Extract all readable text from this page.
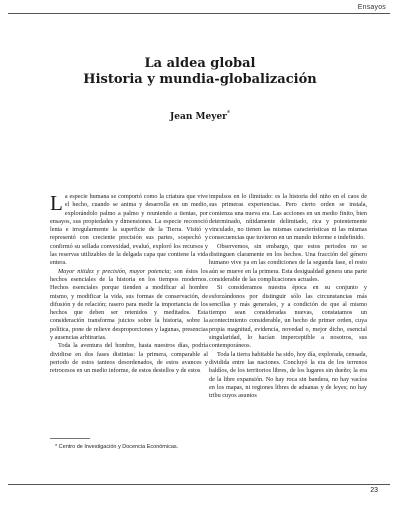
Ensayos

La aldea global

Historia y mundia-globalización

Jean Meyer*

La especie humana se comportó como la criatura que vive el hecho, cuando se anima y desarrolla en un medio, explorándolo palmo a palmo y reuniendo a tientas, por ensayos, sus propiedades y dimensiones. La especie reconoció lenta e irregularmente la superficie de la Tierra. Visitó y representó con creciente precisión sus partes, sospechó y confirmó su sellada convexidad, evaluó, exploró los recursos y las reservas utilizables de la delgada capa que contiene la vida entera.

Mayor nitidez y precisión, mayor potencia; son éstos los hechos esenciales de la historia en los tiempos modernos. Hechos esenciales porque tienden a modificar al hombre mismo, y modificar la vida, sus formas de conservación, de difusión y de relación; rasero para medir la importancia de los hechos que deben ser retenidos y meditados. Esta consideración transforma juicios sobre la historia, sobre la política, pone de relieve desproporciones y lagunas, presencias y ausencias arbitrarias.

Toda la aventura del hombre, hasta nuestros días, podría dividirse en dos fases distintas: la primera, comparable al periodo de estos tanteos desordenados, de estos avances y retrocesos en un medio informe, de estos destellos y de estos

impulsos en lo ilimitado: es la historia del niño en el caos de sus primeras experiencias. Pero cierto orden se instala, comienza una nueva era. Las acciones en un medio finito, bien determinado, nítidamente delimitado, rica y potentemente vinculado, no tienen las mismas características ni las mismas consecuencias que tuvieron en un mundo informe e indefinido.

Observemos, sin embargo, que estos periodos no se distinguen claramente en los hechos. Una fracción del género humano vive ya en las condiciones de la segunda fase, el resto aún se mueve en la primera. Esta desigualdad genera una parte considerable de las complicaciones actuales.

Si consideramos nuestra época en su conjunto y esforzándonos por distinguir sólo las circunstancias más sencillas y más generales, y a condición de que al mismo tiempo sean consideradas nuevas, constatamos un acontecimiento considerable, un hecho de primer orden, cuya propia magnitud, evidencia, novedad o, mejor dicho, esencial singularidad, lo hacían imperceptible a nosotros, sus contemporáneos.

Toda la tierra habitable ha sido, hoy día, explorada, censada, dividida entre las naciones. Concluyó la era de los terrenos baldíos, de los territorios libres, de los lugares sin dueño; la era de la libre expansión. No hay roca sin bandera, no hay vacíos en los mapas, ni regiones libres de aduanas y de leyes; no hay tribu cuyos asuntos

* Centro de Investigación y Docencia Económicas.
23
